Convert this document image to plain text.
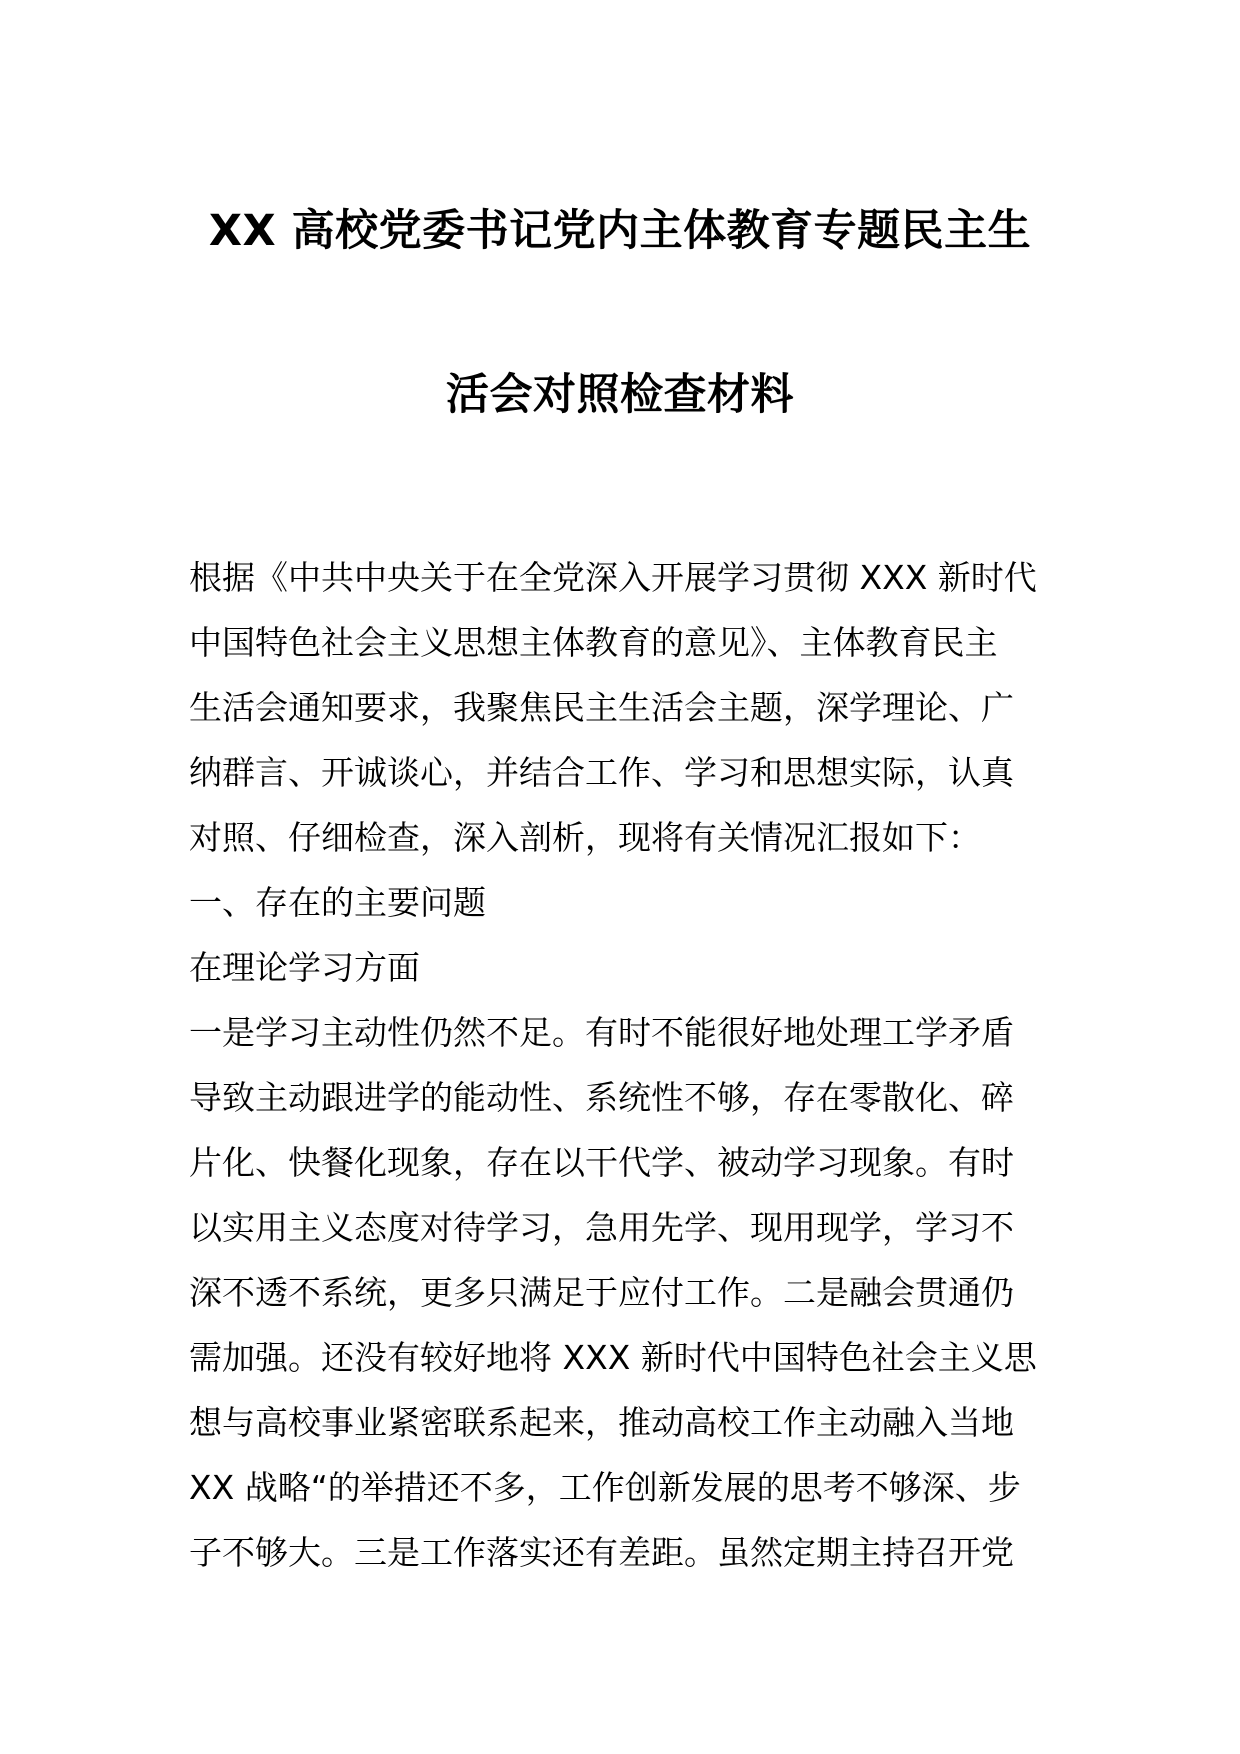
XX 高校党委书记党内主体教育专题民主生
活会对照检查材料
根据《中共中央关于在全党深入开展学习贯彻 XXX 新时代
中国特色社会主义思想主体教育的意见》、主体教育民主
生活会通知要求，我聚焦民主生活会主题，深学理论、广
纳群言、开诚谈心，并结合工作、学习和思想实际，认真
对照、仔细检查，深入剖析，现将有关情况汇报如下：
一、存在的主要问题
在理论学习方面
一是学习主动性仍然不足。有时不能很好地处理工学矛盾
导致主动跟进学的能动性、系统性不够，存在零散化、碎
片化、快餐化现象，存在以干代学、被动学习现象。有时
以实用主义态度对待学习，急用先学、现用现学，学习不
深不透不系统，更多只满足于应付工作。二是融会贯通仍
需加强。还没有较好地将 XXX 新时代中国特色社会主义思
想与高校事业紧密联系起来，推动高校工作主动融入当地
XX 战略“的举措还不多，工作创新发展的思考不够深、步
子不够大。三是工作落实还有差距。虽然定期主持召开党
